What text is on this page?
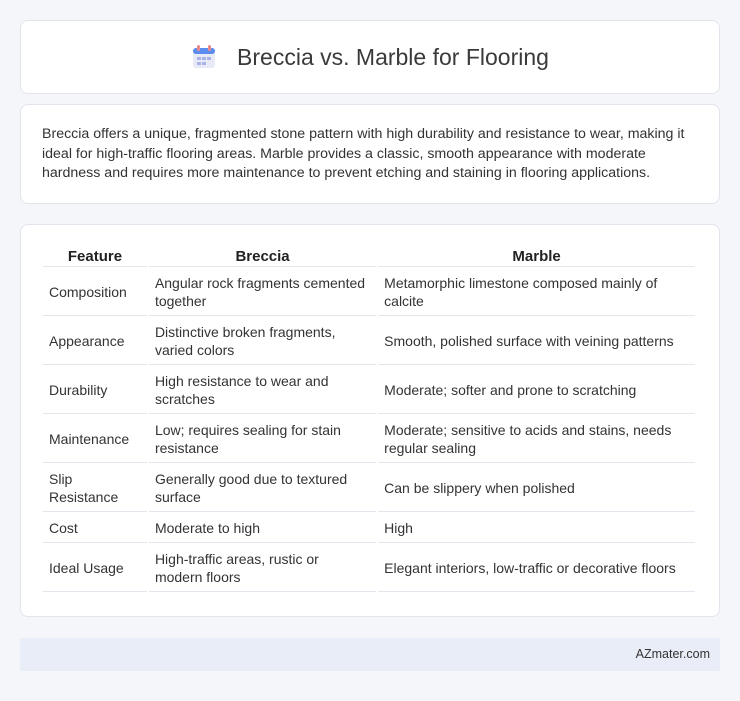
Breccia vs. Marble for Flooring

Breccia offers a unique, fragmented stone pattern with high durability and resistance to wear, making it ideal for high-traffic flooring areas. Marble provides a classic, smooth appearance with moderate hardness and requires more maintenance to prevent etching and staining in flooring applications.

Feature	Breccia	Marble
Composition	Angular rock fragments cemented together	Metamorphic limestone composed mainly of calcite
Appearance	Distinctive broken fragments, varied colors	Smooth, polished surface with veining patterns
Durability	High resistance to wear and scratches	Moderate; softer and prone to scratching
Maintenance	Low; requires sealing for stain resistance	Moderate; sensitive to acids and stains, needs regular sealing
Slip Resistance	Generally good due to textured surface	Can be slippery when polished
Cost	Moderate to high	High
Ideal Usage	High-traffic areas, rustic or modern floors	Elegant interiors, low-traffic or decorative floors
AZmater.com
